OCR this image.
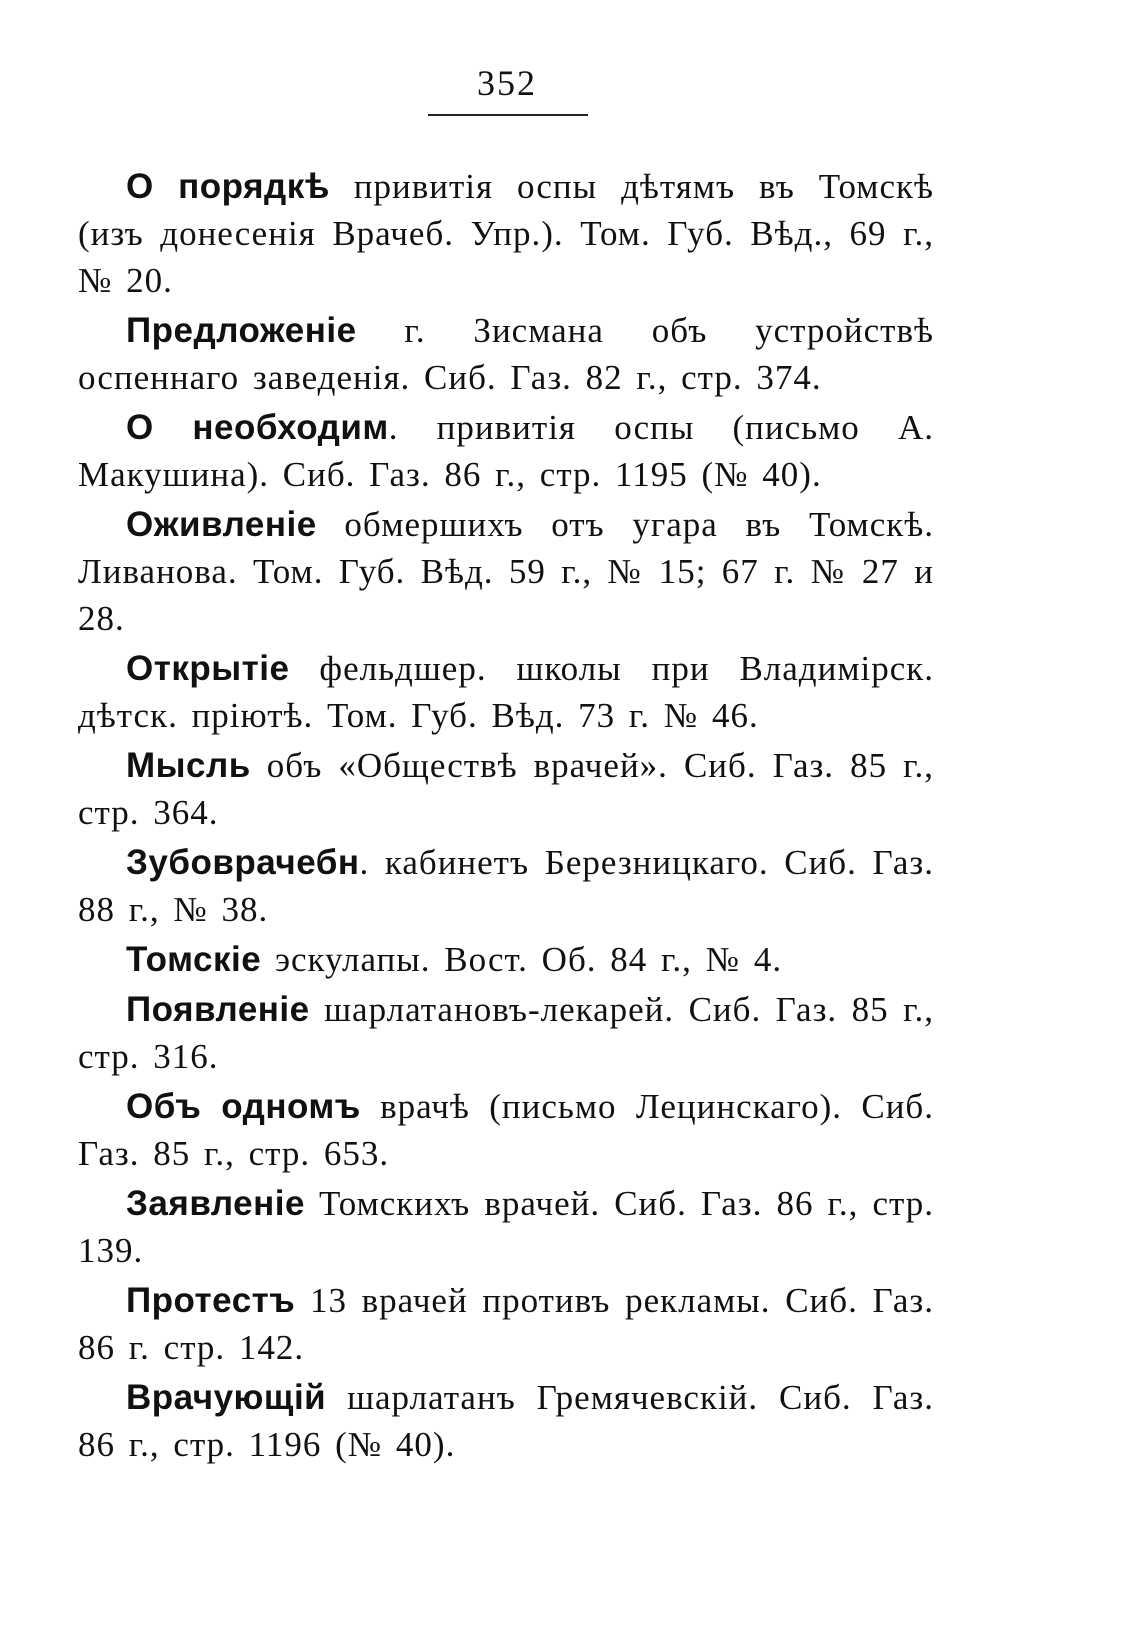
352

О порядкѣ привитія оспы дѣтямъ въ Томскѣ (изъ донесенія Врачеб. Упр.). Том. Губ. Вѣд., 69 г., № 20.

Предложеніе г. Зисмана объ устройствѣ оспеннаго заведенія. Сиб. Газ. 82 г., стр. 374.

О необходим. привитія оспы (письмо А. Макушина). Сиб. Газ. 86 г., стр. 1195 (№ 40).

Оживленіе обмершихъ отъ угара въ Томскѣ. Ливанова. Том. Губ. Вѣд. 59 г., № 15; 67 г. № 27 и 28.

Открытіе фельдшер. школы при Владимірск. дѣтск. пріютѣ. Том. Губ. Вѣд. 73 г. № 46.

Мысль объ «Обществѣ врачей». Сиб. Газ. 85 г., стр. 364.

Зубоврачебн. кабинетъ Березницкаго. Сиб. Газ. 88 г., № 38.

Томскіе эскулапы. Вост. Об. 84 г., № 4.

Появленіе шарлатановъ-лекарей. Сиб. Газ. 85 г., стр. 316.

Объ одномъ врачѣ (письмо Лецинскаго). Сиб. Газ. 85 г., стр. 653.

Заявленіе Томскихъ врачей. Сиб. Газ. 86 г., стр. 139.

Протестъ 13 врачей противъ рекламы. Сиб. Газ. 86 г. стр. 142.

Врачующій шарлатанъ Гремячевскій. Сиб. Газ. 86 г., стр. 1196 (№ 40).
